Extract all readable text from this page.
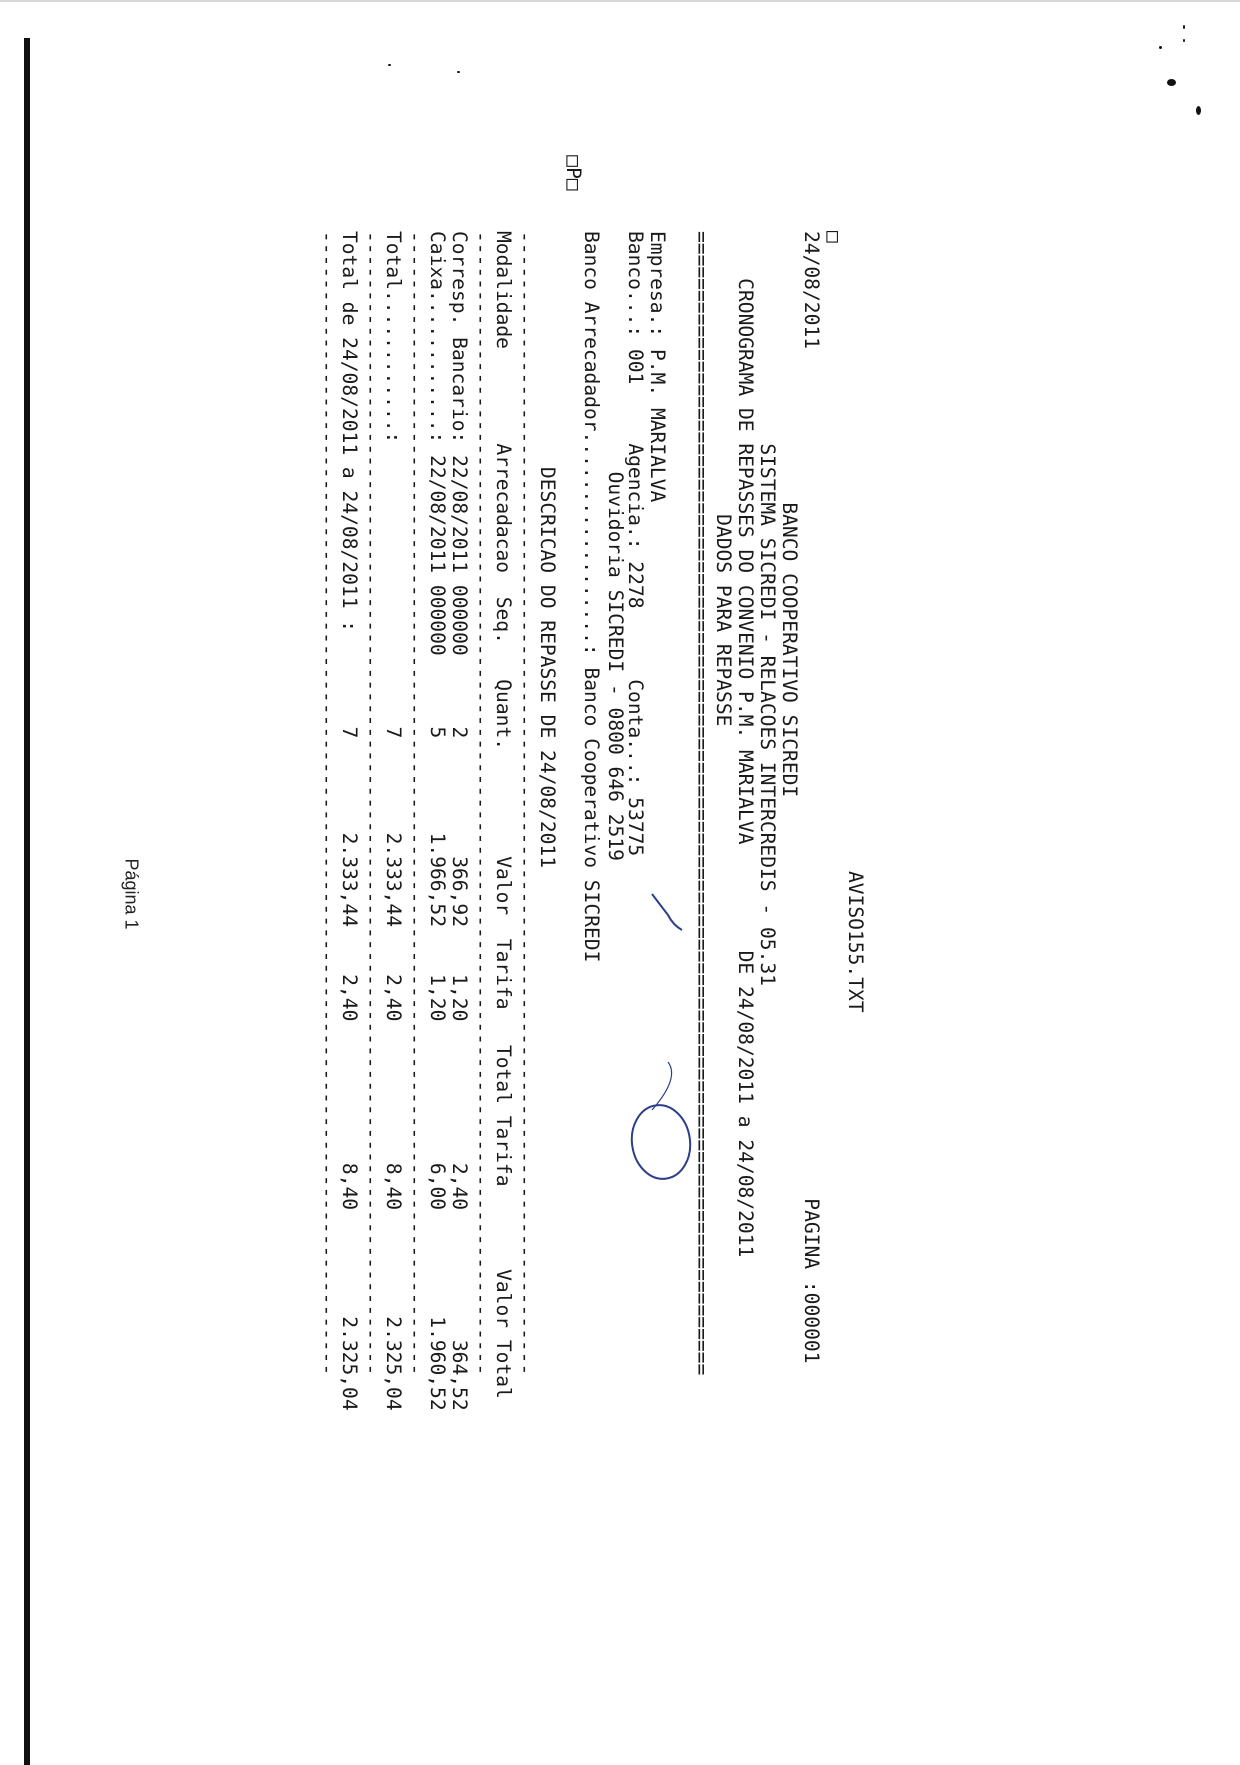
AVISO155.TXT
□
24/08/2011                                                                        PAGINA :000001
BANCO COOPERATIVO SICREDI
SISTEMA SICREDI - RELACOES INTERCREDIS - 05.31
CRONOGRAMA DE REPASSES DO CONVENIO P.M. MARIALVA         DE 24/08/2011 a 24/08/2011
DADOS PARA REPASSE
=================================================================================================
Empresa.: P.M. MARIALVA
Banco...: 001     Agencia.: 2278      Conta...: 53775
Banco Arrecadador..................: Banco Cooperativo SICREDI
DESCRICAO DO REPASSE DE 24/08/2011
-------------------------------------------------------------------------------------------------
Modalidade        Arrecadacao  Seq.   Quant.         Valor  Tarifa   Total Tarifa       Valor Total
-------------------------------------------------------------------------------------------------
Corresp. Bancario: 22/08/2011 000000      2          366,92    1,20            2,40           364,52
Caixa............: 22/08/2011 000000      5        1.966,52    1,20            6,00         1.960,52
-------------------------------------------------------------------------------------------------
Total............:                        7        2.333,44    2,40            8,40         2.325,04
-------------------------------------------------------------------------------------------------
Total de 24/08/2011 a 24/08/2011 :        7        2.333,44    2,40            8,40         2.325,04
-------------------------------------------------------------------------------------------------	Ouvidoria SICREDI - 0800 646 2519
□P□
Página 1
